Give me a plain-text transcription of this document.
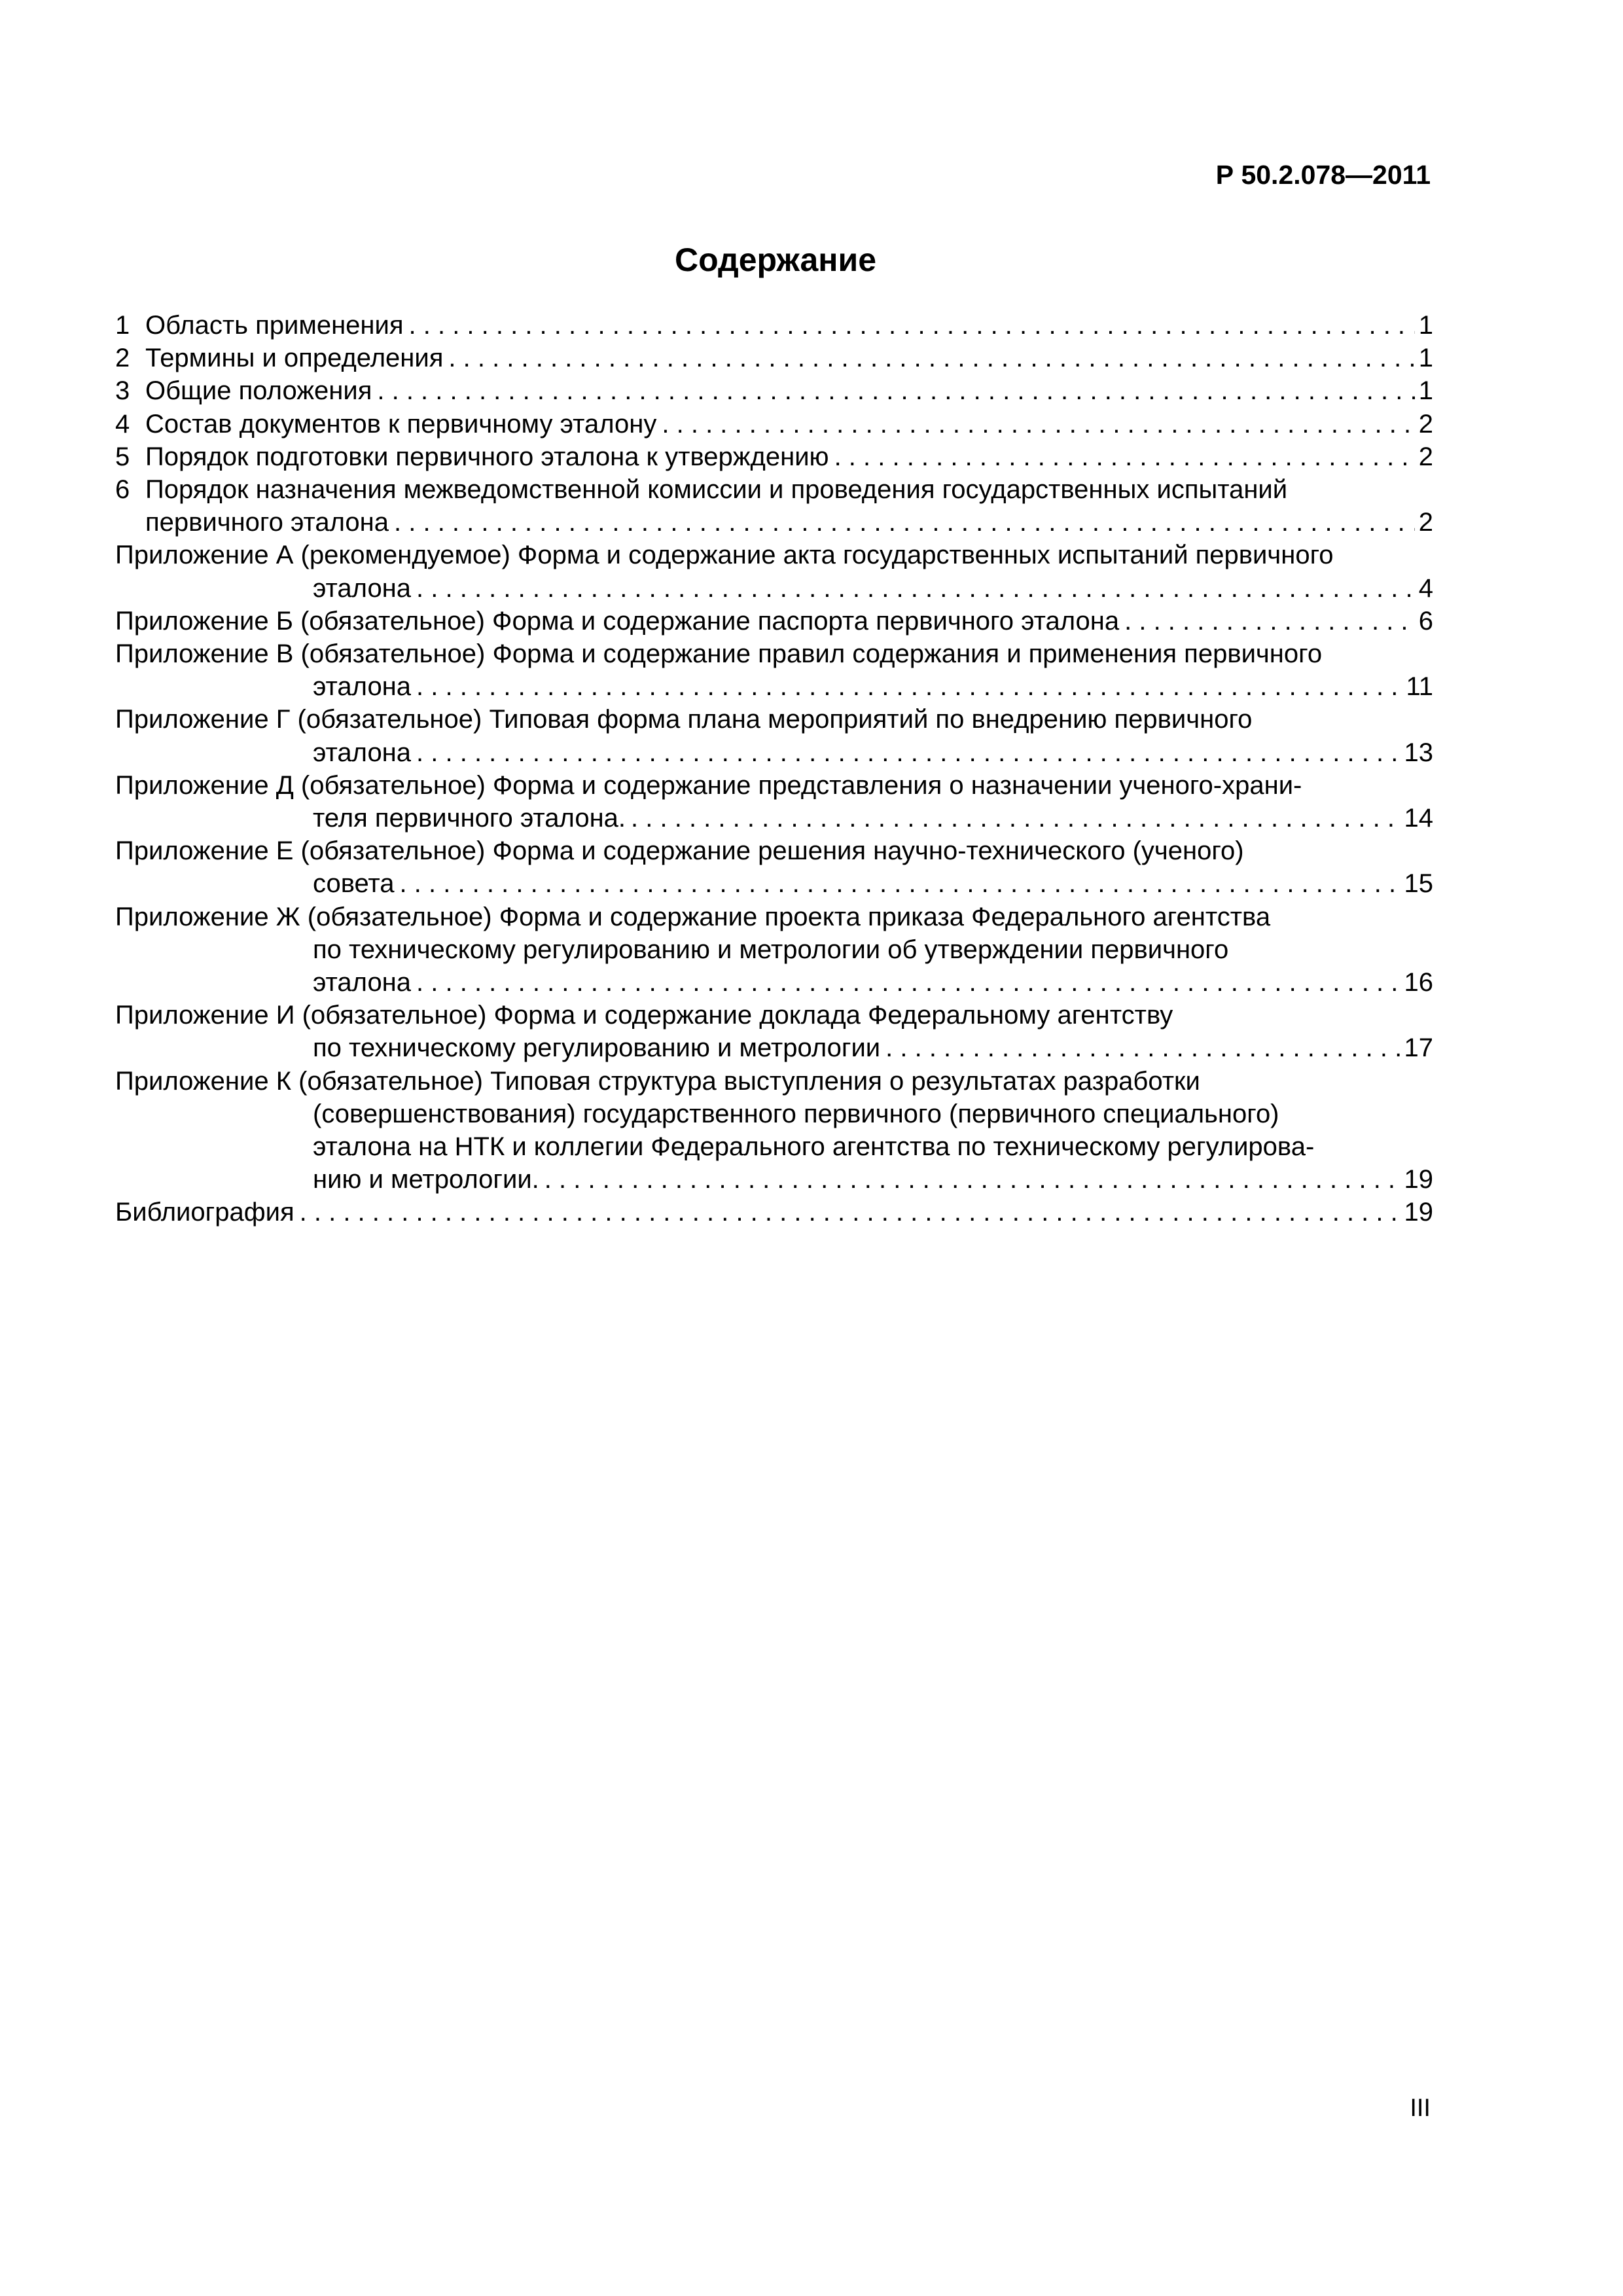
Р 50.2.078—2011
Содержание
1 Область применения . . .	1
2 Термины и определения . . .	1
3 Общие положения . . .	1
4 Состав документов к первичному эталону . . .	2
5 Порядок подготовки первичного эталона к утверждению . . .	2
6 Порядок назначения межведомственной комиссии и проведения государственных испытаний
первичного эталона . . .	2
Приложение А (рекомендуемое) Форма и содержание акта государственных испытаний первичного
эталона . . .	4
Приложение Б (обязательное) Форма и содержание паспорта первичного эталона . . .	6
Приложение В (обязательное) Форма и содержание правил содержания и применения первичного
эталона . . .	11
Приложение Г (обязательное) Типовая форма плана мероприятий по внедрению первичного
эталона . . .	13
Приложение Д (обязательное) Форма и содержание представления о назначении ученого-храни-
теля первичного эталона. . . .	14
Приложение Е (обязательное) Форма и содержание решения научно-технического (ученого)
совета . . .	15
Приложение Ж (обязательное) Форма и содержание проекта приказа Федерального агентства
по техническому регулированию и метрологии об утверждении первичного
эталона . . .	16
Приложение И (обязательное) Форма и содержание доклада Федеральному агентству
по техническому регулированию и метрологии . . .	17
Приложение К (обязательное) Типовая структура выступления о результатах разработки
(совершенствования) государственного первичного (первичного специального)
эталона на НТК и коллегии Федерального агентства по техническому регулирова-
нию и метрологии. . . .	19
Библиография . . .	19
III
